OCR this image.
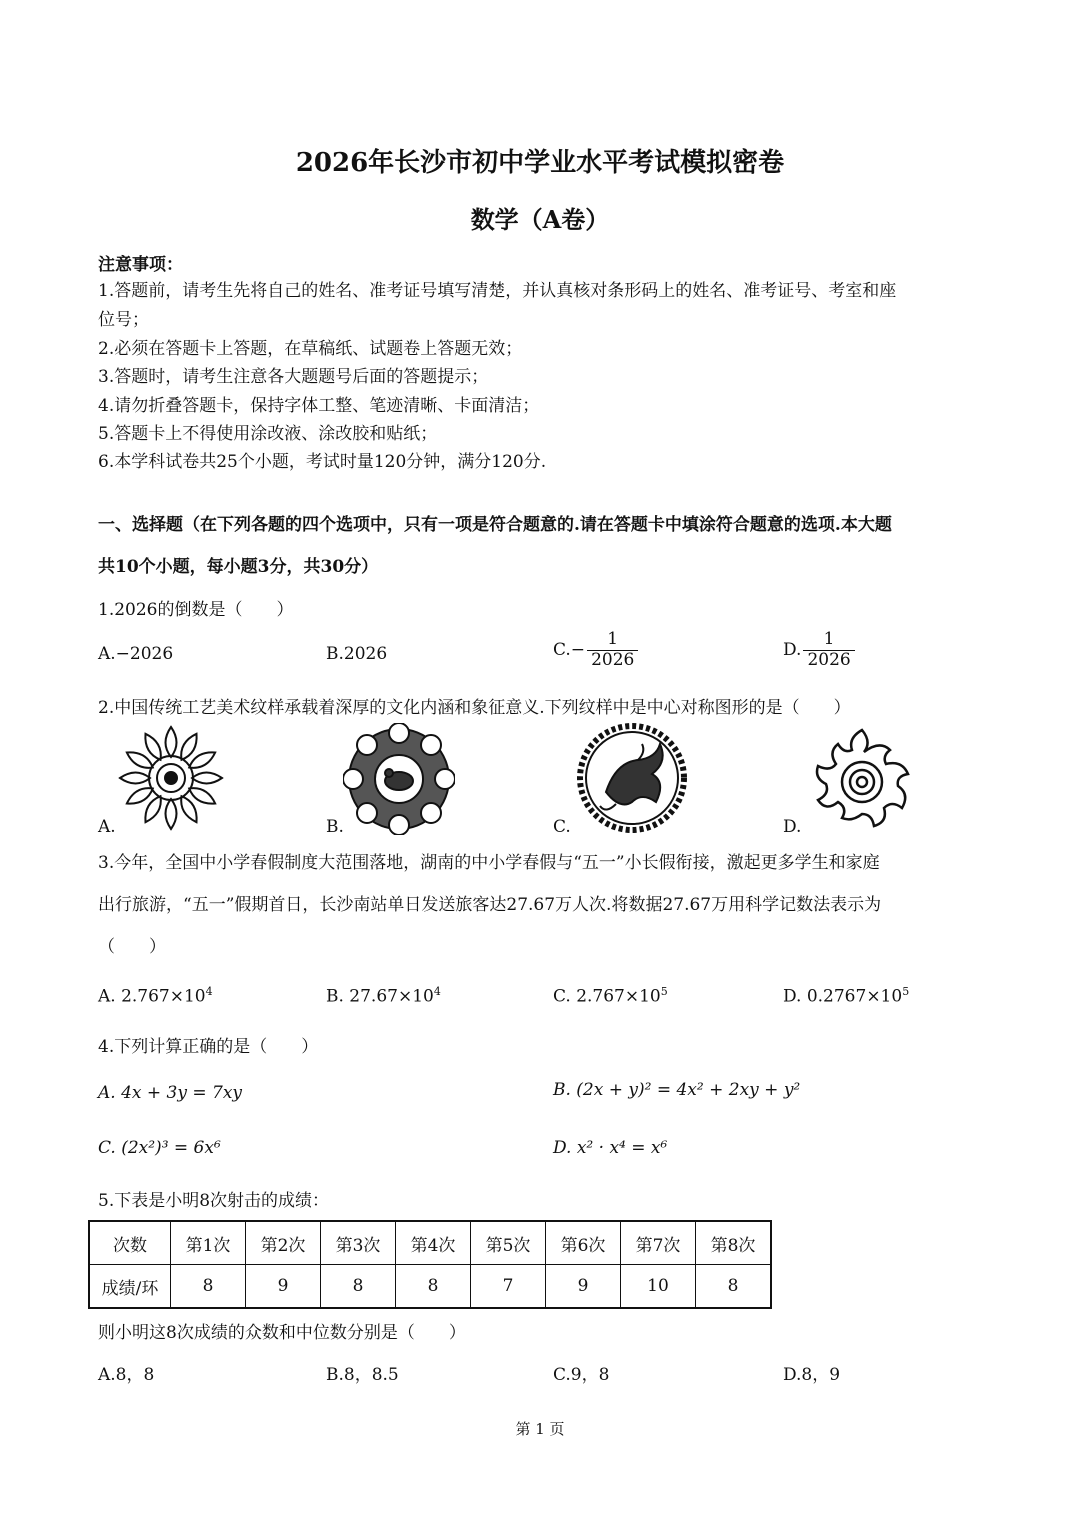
2026年长沙市初中学业水平考试模拟密卷
数学（A卷）
注意事项：
1.答题前，请考生先将自己的姓名、准考证号填写清楚，并认真核对条形码上的姓名、准考证号、考室和座
位号；
2.必须在答题卡上答题，在草稿纸、试题卷上答题无效；
3.答题时，请考生注意各大题题号后面的答题提示；
4.请勿折叠答题卡，保持字体工整、笔迹清晰、卡面清洁；
5.答题卡上不得使用涂改液、涂改胶和贴纸；
6.本学科试卷共25个小题，考试时量120分钟，满分120分.
一、选择题（在下列各题的四个选项中，只有一项是符合题意的.请在答题卡中填涂符合题意的选项.本大题
共10个小题，每小题3分，共30分）
1.2026的倒数是（　　）
A.−2026	B.2026	$C.- \frac{1}{2026}$	D. $\frac{1}{2026}$
2.中国传统工艺美术纹样承载着深厚的文化内涵和象征意义.下列纹样中是中心对称图形的是（　　）
A.	B.	C.	D.
3.今年，全国中小学春假制度大范围落地，湖南的中小学春假与“五一”小长假衔接，激起更多学生和家庭
出行旅游，“五一”假期首日，长沙南站单日发送旅客达27.67万人次.将数据27.67万用科学记数法表示为
（　　）
A. $2.767\times 10^4$	B. $27.67\times 10^4$	C. $2.767\times 10^5$	D. $0.2767\times 10^5$
4.下列计算正确的是（　　）
A. 4x + 3y = 7xy	B. (2x + y)² = 4x² + 2xy + y²
C. (2x²)³ = 6x⁶	D. x² · x⁴ = x⁶
5.下表是小明8次射击的成绩：
次数	第1次	第2次	第3次	第4次	第5次	第6次	第7次	第8次
成绩/环	8	9	8	8	7	9	10	8
则小明这8次成绩的众数和中位数分别是（　　）
A.8，8	B.8，8.5	C.9，8	D.8，9
第 1 页
